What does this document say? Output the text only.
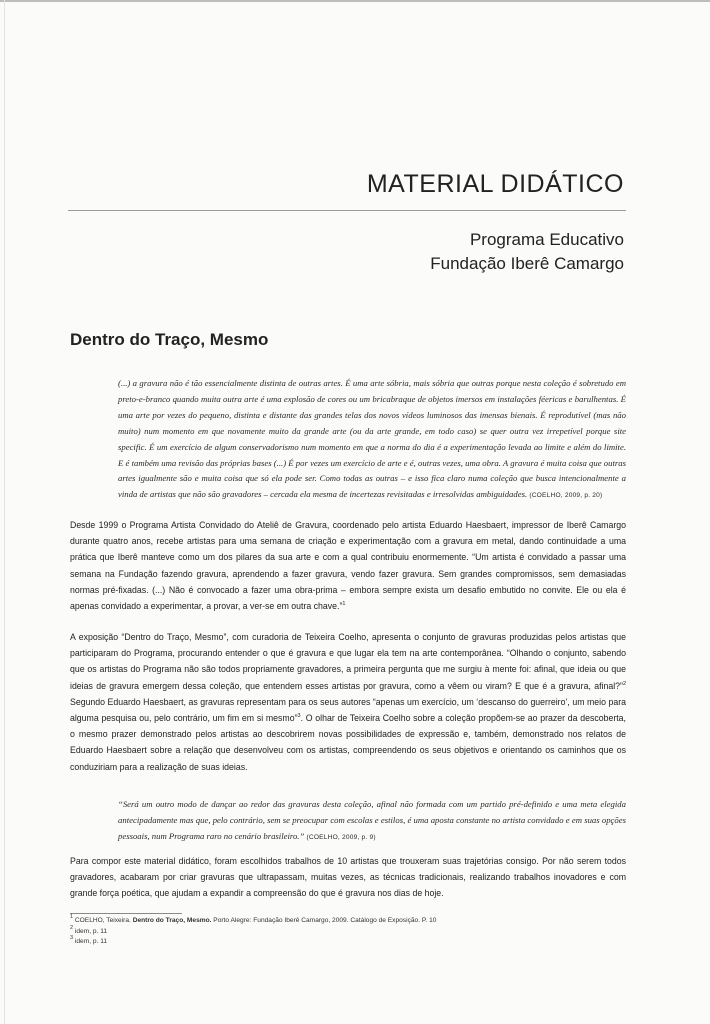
MATERIAL DIDÁTICO
Programa Educativo
Fundação Iberê Camargo
Dentro do Traço, Mesmo
(...) a gravura não é tão essencialmente distinta de outras artes. É uma arte sóbria, mais sóbria que outras porque nesta coleção é sobretudo em preto-e-branco quando muita outra arte é uma explosão de cores ou um bricabraque de objetos imersos em instalações féericas e barulhentas. É uma arte por vezes do pequeno, distinta e distante das grandes telas dos novos vídeos luminosos das imensas bienais. É reprodutível (mas não muito) num momento em que novamente muito da grande arte (ou da arte grande, em todo caso) se quer outra vez irrepetível porque site specific. É um exercício de algum conservadorismo num momento em que a norma do dia é a experimentação levada ao limite e além do limite. E é também uma revisão das próprias bases (...) É por vezes um exercício de arte e é, outras vezes, uma obra. A gravura é muita coisa que outras artes igualmente são e muita coisa que só ela pode ser. Como todas as outras – e isso fica claro numa coleção que busca intencionalmente a vinda de artistas que não são gravadores – cercada ela mesma de incertezas revisitadas e irresolvidas ambiguidades. (COELHO, 2009, p. 20)

Desde 1999 o Programa Artista Convidado do Ateliê de Gravura, coordenado pelo artista Eduardo Haesbaert, impressor de Iberê Camargo durante quatro anos, recebe artistas para uma semana de criação e experimentação com a gravura em metal, dando continuidade a uma prática que Iberê manteve como um dos pilares da sua arte e com a qual contribuiu enormemente. “Um artista é convidado a passar uma semana na Fundação fazendo gravura, aprendendo a fazer gravura, vendo fazer gravura. Sem grandes compromissos, sem demasiadas normas pré-fixadas. (...) Não é convocado a fazer uma obra-prima – embora sempre exista um desafio embutido no convite. Ele ou ela é apenas convidado a experimentar, a provar, a ver-se em outra chave.”$^1$

A exposição “Dentro do Traço, Mesmo”, com curadoria de Teixeira Coelho, apresenta o conjunto de gravuras produzidas pelos artistas que participaram do Programa, procurando entender o que é gravura e que lugar ela tem na arte contemporânea. “Olhando o conjunto, sabendo que os artistas do Programa não são todos propriamente gravadores, a primeira pergunta que me surgiu à mente foi: afinal, que ideia ou que ideias de gravura emergem dessa coleção, que entendem esses artistas por gravura, como a vêem ou viram? E que é a gravura, afinal?”$^2$ Segundo Eduardo Haesbaert, as gravuras representam para os seus autores “apenas um exercício, um ‘descanso do guerreiro’, um meio para alguma pesquisa ou, pelo contrário, um fim em si mesmo”$^3$. O olhar de Teixeira Coelho sobre a coleção propõem-se ao prazer da descoberta, o mesmo prazer demonstrado pelos artistas ao descobrirem novas possibilidades de expressão e, também, demonstrado nos relatos de Eduardo Haesbaert sobre a relação que desenvolveu com os artistas, compreendendo os seus objetivos e orientando os caminhos que os conduziriam para a realização de suas ideias.

“Será um outro modo de dançar ao redor das gravuras desta coleção, afinal não formada com um partido pré-definido e uma meta elegida antecipadamente mas que, pelo contrário, sem se preocupar com escolas e estilos, é uma aposta constante no artista convidado e em suas opções pessoais, num Programa raro no cenário brasileiro.” (COELHO, 2009, p. 9)

Para compor este material didático, foram escolhidos trabalhos de 10 artistas que trouxeram suas trajetórias consigo. Por não serem todos gravadores, acabaram por criar gravuras que ultrapassam, muitas vezes, as técnicas tradicionais, realizando trabalhos inovadores e com grande força poética, que ajudam a expandir a compreensão do que é gravura nos dias de hoje.

$^1$ COELHO, Teixeira. Dentro do Traço, Mesmo. Porto Alegre: Fundação Iberê Camargo, 2009. Catálogo de Exposição. P. 10
$^2$ idem, p. 11
$^3$ idem, p. 11
